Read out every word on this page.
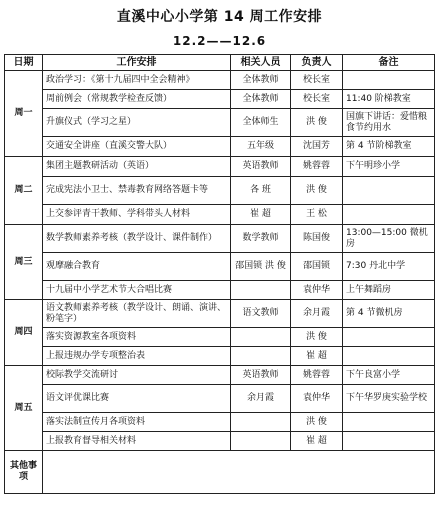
直溪中心小学第 14 周工作安排
12.2——12.6
日期	工作安排	相关人员	负责人	备注
周一	政治学习：《第十九届四中全会精神》	全体教师	校长室	
	周前例会（常规教学检查反馈）	全体教师	校长室	11:40 阶梯教室
	升旗仪式（学习之星）	全体师生	洪 俊	国旗下讲话：爱惜粮食节约用水
	交通安全讲座（直溪交警大队）	五年级	沈国芳	第 4 节阶梯教室
周二	集团主题教研活动（英语）	英语教师	姚蓉蓉	下午明珍小学
	完成宪法小卫士、禁毒教育网络答题卡等	各 班	洪 俊	
	上交参评青干教师、学科带头人材料	崔 超	王 松	
周三	数学教师素养考核（教学设计、课件制作）	数学教师	陈国俊	13:00—15:00 微机房
	观摩融合教育	邵国锁 洪 俊	邵国锁	7:30 丹北中学
	十九届中小学艺术节大合唱比赛		袁仲华	上午舞蹈房
周四	语文教师素养考核（教学设计、朗诵、演讲、粉笔字）	语文教师	余月霞	第 4 节微机房
	落实资源教室各项资料		洪 俊	
	上报违规办学专项整治表		崔 超	
周五	校际教学交流研讨	英语教师	姚蓉蓉	下午良富小学
	语文评优课比赛	余月霞	袁仲华	下午华罗庚实验学校
	落实法制宣传月各项资料		洪 俊	
	上报教育督导相关材料		崔 超	
其他事项				
